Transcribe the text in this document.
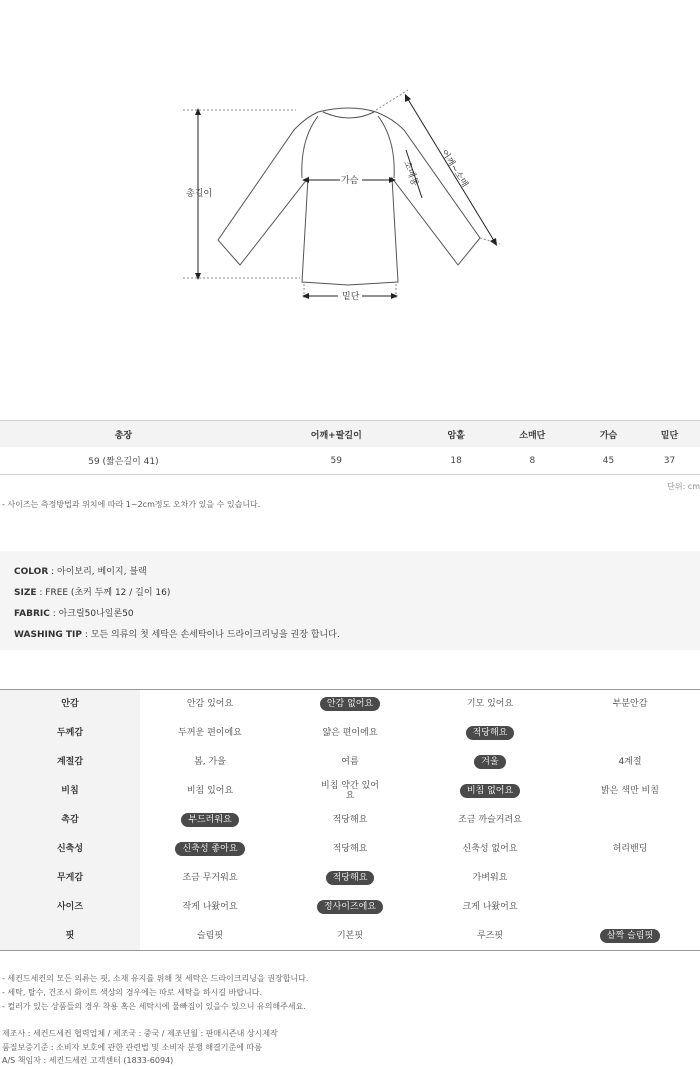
총길이
가슴
밑단
소매통 어깨~소매
총장	어깨+팔길이	암홀	소매단	가슴	밑단
59 (짧은길이 41)	59	18	8	45	37
단위: cm
- 사이즈는 측정방법과 위치에 따라 1~2cm정도 오차가 있을 수 있습니다.
COLOR : 아이보리, 베이지, 블랙
SIZE : FREE (초커 두께 12 / 길이 16)
FABRIC : 아크릴50나일론50
WASHING TIP : 모든 의류의 첫 세탁은 손세탁이나 드라이크리닝을 권장 합니다.
안감	안감 있어요	안감 없어요	기모 있어요	부분안감
두께감	두꺼운 편이에요	얇은 편이에요	적당해요	
계절감	봄, 가을	여름	겨울	4계절
비침	비침 있어요	비침 약간 있어요	비침 없어요	밝은 색만 비침
촉감	부드러워요	적당해요	조금 까슬거려요	
신축성	신축성 좋아요	적당해요	신축성 없어요	허리밴딩
무게감	조금 무거워요	적당해요	가벼워요	
사이즈	작게 나왔어요	정사이즈에요	크게 나왔어요	
핏	슬림핏	기본핏	루즈핏	살짝 슬림핏
- 세컨드세컨의 모든 의류는 핏, 소재 유지를 위해 첫 세탁은 드라이크리닝을 권장합니다.
- 세탁, 탈수, 건조시 화이트 색상의 경우에는 따로 세탁을 하시길 바랍니다.
- 컬러가 있는 상품들의 경우 착용 혹은 세탁시에 물빠짐이 있을수 있으니 유의해주세요.
제조사 : 세컨드세컨 협력업체 / 제조국 : 중국 / 제조년월 : 판매시즌내 상시제작
품질보증기준 : 소비자 보호에 관한 관련법 및 소비자 분쟁 해결기준에 따름
A/S 책임자 : 세컨드세컨 고객센터 (1833-6094)
